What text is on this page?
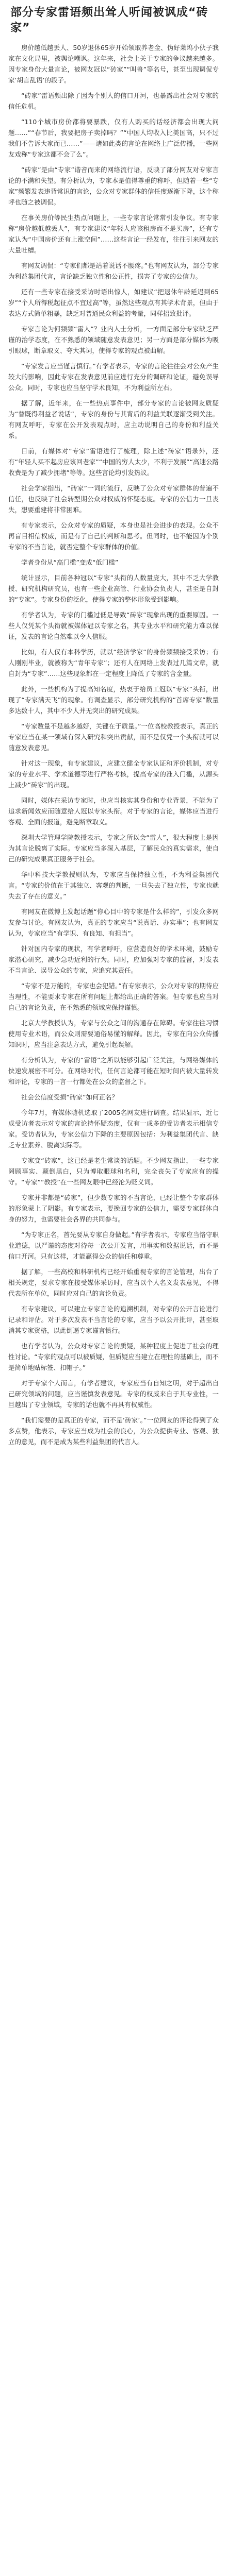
部分专家雷语频出耸人听闻被讽成“砖家”

房价越低越丢人、50岁退休65岁开始领取养老金、伪好莱坞小伙子我家在文化局里，被舆论嘲讽。这年来，社会上关于专家的争议越来越多。因专家身份大量言论，被网友冠以“砖家”“叫兽”等名号，甚至出现调侃专家‘胡言乱语’的段子。

“砖家”雷语频出除了因为个别人的信口开河，也暴露出社会对专家的信任危机。

“110个城市房价都将要暴跌，仅有人购买的话经济都会出现大问题……”“春节后，我要把房子卖掉吗？”“中国人均收入比美国高，只不过我们不告诉大家而已……”——诸如此类的言论在网络上广泛传播，一些网友戏称“专家这都不会了么”。

“砖家”是由“专家”谐音而来的网络流行语，反映了部分网友对专家言论的不满和失望。有分析认为，专家本是值得尊重的称呼，但随着一些“专家”频繁发表违背常识的言论，公众对专家群体的信任度逐渐下降，这个称呼也随之被调侃。

在事关房价等民生热点问题上，一些专家言论常常引发争议。有专家称“房价越低越丢人”，有专家建议“年轻人应该租房而不是买房”，还有专家认为“中国房价还有上涨空间”……这些言论一经发布，往往引来网友的大量吐槽。

有网友调侃：“专家们都是站着说话不腰疼。”也有网友认为，部分专家为利益集团代言，言论缺乏独立性和公正性，损害了专家的公信力。

还有一些专家在接受采访时语出惊人，如建议“把退休年龄延迟到65岁”“个人所得税起征点不宜过高”等，虽然这些观点有其学术背景，但由于表达方式简单粗暴，缺乏对普通民众利益的考量，同样招致批评。

专家言论为何频频“雷人”？业内人士分析，一方面是部分专家缺乏严谨的治学态度，在不熟悉的领域随意发表意见；另一方面是部分媒体为吸引眼球，断章取义、夸大其词，使得专家的观点被曲解。

“专家发言应当谨言慎行。”有学者表示，专家的言论往往会对公众产生较大的影响，因此专家在发表意见前应进行充分的调研和论证，避免误导公众。同时，专家也应当坚守学术良知，不为利益所左右。

据了解，近年来，在一些热点事件中，部分专家的言论被网友质疑为“替既得利益者说话”，专家的身份与其背后的利益关联逐渐受到关注。有网友呼吁，专家在公开发表观点时，应主动说明自己的身份和利益关系。

日前，有媒体对“专家”雷语进行了梳理，除上述“砖家”语录外，还有“年轻人买不起房应该回老家”“中国的穷人太少，不利于发展”“高速公路收费是为了减少拥堵”等等。这些言论均引发热议。

社会学家指出，“砖家”一词的流行，反映了公众对专家群体的普遍不信任，也反映了社会转型期公众对权威的怀疑态度。专家的公信力一旦丧失，想要重建将非常困难。

有专家表示，公众对专家的质疑，本身也是社会进步的表现。公众不再盲目相信权威，而是有了自己的判断和思考。但同时，也不能因为个别专家的不当言论，就否定整个专家群体的价值。

学者身份从“高门槛”变成“低门槛”

统计显示，目前各种冠以“专家”头衔的人数量庞大，其中不乏大学教授、研究机构研究员，也有一些企业高管、行业协会负责人，甚至是自封的“专家”。专家身份的泛化，使得专家的整体形象受到影响。

有学者认为，专家的门槛过低是导致“砖家”现象出现的重要原因。一些人仅凭某个头衔就被媒体冠以专家之名，其专业水平和研究能力难以保证，发表的言论自然难以令人信服。

比如，有人仅有本科学历，就以“经济学家”的身份频频接受采访；有人刚刚毕业，就被称为“青年专家”；还有人在网络上发表过几篇文章，就自封为“专家”……这些现象都在一定程度上降低了专家的含金量。

此外，一些机构为了提高知名度，热衷于给员工冠以“专家”头衔，出现了“专家满天飞”的现象。有调查显示，部分研究机构的“首席专家”数量多达数十人，其中不少人并无突出的研究成果。

“专家数量不是越多越好，关键在于质量。”一位高校教授表示，真正的专家应当在某一领域有深入研究和突出贡献，而不是仅凭一个头衔就可以随意发表意见。

针对这一现象，有专家建议，应建立健全专家认证和评价机制，对专家的专业水平、学术道德等进行严格考核，提高专家的准入门槛，从源头上减少“砖家”的出现。

同时，媒体在采访专家时，也应当核实其身份和专业背景，不能为了追求新闻效应而随意给人冠以专家头衔。对于专家的言论，媒体应当进行客观、全面的报道，避免断章取义。

深圳大学管理学院教授表示，专家之所以会“雷人”，很大程度上是因为其言论脱离了实际。专家应当多深入基层，了解民众的真实需求，使自己的研究成果真正服务于社会。

华中科技大学教授则认为，专家应当保持独立性，不为利益集团代言。“专家的价值在于其独立、客观的判断，一旦失去了独立性，专家也就失去了存在的意义。”

有网友在微博上发起话题“你心目中的专家是什么样的”，引发众多网友参与讨论。有网友认为，真正的专家应当“说真话、办实事”；也有网友认为，专家应当“有学识、有良知、有担当”。

针对国内专家的现状，有学者呼吁，应营造良好的学术环境，鼓励专家潜心研究，减少急功近利的行为。同时，应加强对专家的监督，对发表不当言论、误导公众的专家，应追究其责任。

“专家不是万能的，专家也会犯错。”有专家表示，公众对专家的期待应当理性，不能要求专家在所有问题上都给出正确的答案。但专家也应当对自己的言论负责，在不熟悉的领域应保持谨慎。

北京大学教授认为，专家与公众之间的沟通存在障碍。专家往往习惯使用专业术语，而公众则需要通俗易懂的解释。因此，专家在向公众传播知识时，应当注意表达方式，避免引起误解。

有分析认为，专家的“雷语”之所以能够引起广泛关注，与网络媒体的快速发展密不可分。在网络时代，任何言论都可能在短时间内被大量转发和评论，专家的一言一行都处在公众的监督之下。

社会公信度受损“砖家”如何正名？

今年7月，有媒体随机选取了2005名网友进行调查。结果显示，近七成受访者表示对专家的言论持怀疑态度，仅有一成多的受访者表示相信专家。受访者认为，专家公信力下降的主要原因包括：为利益集团代言、缺乏专业素养、脱离实际等。

专家变“砖家”，这已经是老生常谈的话题。不少网友指出，一些专家罔顾事实、颠倒黑白，只为博取眼球和名利，完全丧失了专家应有的操守。“专家”“教授”在一些网友眼中已经沦为贬义词。

专家并非都是“砖家”，但少数专家的不当言论，已经让整个专家群体的形象蒙上了阴影。有专家表示，要挽回专家的公信力，需要专家群体自身的努力，也需要社会各界的共同参与。

“为专家正名，首先要从专家自身做起。”有学者表示，专家应当恪守职业道德，以严谨的态度对待每一次公开发言，用事实和数据说话，而不是信口开河。只有这样，才能赢得公众的信任和尊重。

据了解，一些高校和科研机构已经开始重视专家的言论管理，出台了相关规定，要求专家在接受媒体采访时，应当以个人名义发表意见，不得代表所在单位，同时应对自己的言论负责。

有专家建议，可以建立专家言论的追溯机制，对专家的公开言论进行记录和评估。对于多次发表不当言论的专家，应当予以公开批评，甚至取消其专家资格，以此倒逼专家谨言慎行。

也有学者认为，公众对专家言论的质疑，某种程度上促进了社会的理性讨论。“专家的观点可以被质疑，但质疑应当建立在理性的基础上，而不是简单地贴标签、扣帽子。”

对于专家个人而言，有学者建议，专家应当有自知之明，对于超出自己研究领域的问题，应当谨慎发表意见。专家的权威来自于其专业性，一旦越出了专业领域，专家的话也就不再具有权威性。

“我们需要的是真正的专家，而不是‘砖家’。”一位网友的评论得到了众多点赞，他表示，专家应当成为社会的良心，为公众提供专业、客观、独立的意见，而不是成为某些利益集团的代言人。
